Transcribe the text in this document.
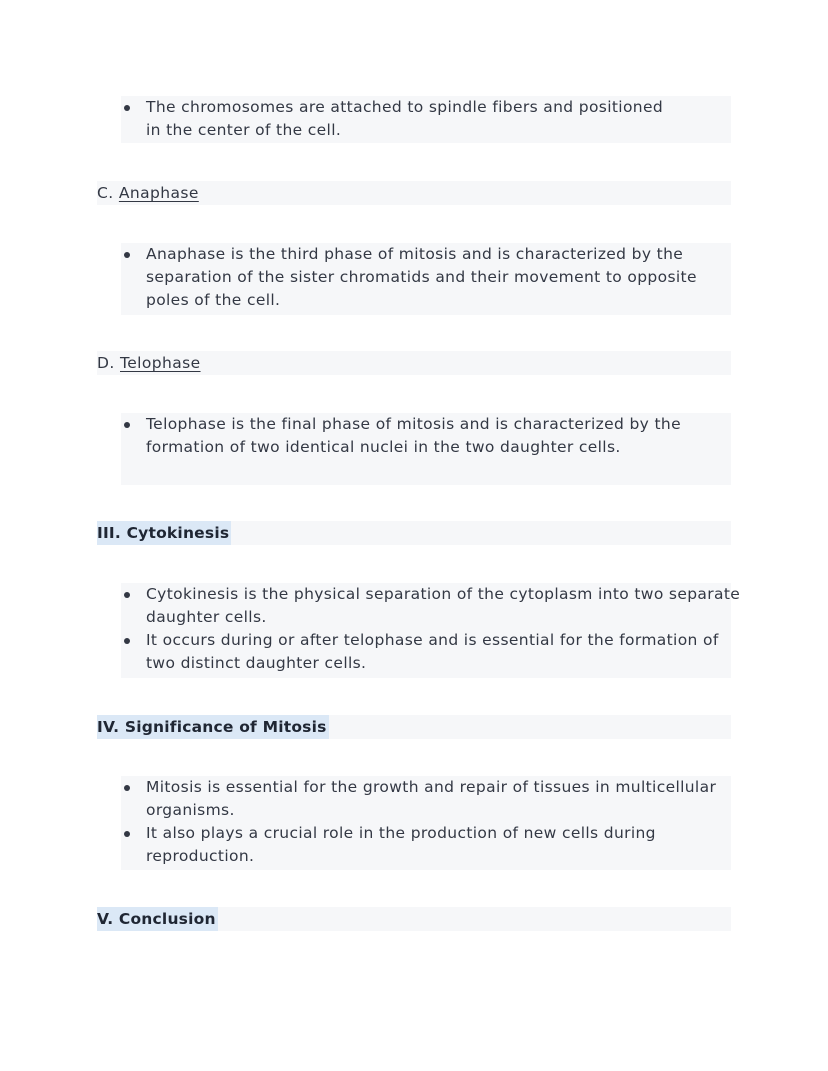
The chromosomes are attached to spindle fibers and positioned in the center of the cell.
C. Anaphase
Anaphase is the third phase of mitosis and is characterized by the separation of the sister chromatids and their movement to opposite poles of the cell.
D. Telophase
Telophase is the final phase of mitosis and is characterized by the formation of two identical nuclei in the two daughter cells.
III. Cytokinesis
Cytokinesis is the physical separation of the cytoplasm into two separate daughter cells.
It occurs during or after telophase and is essential for the formation of two distinct daughter cells.
IV. Significance of Mitosis
Mitosis is essential for the growth and repair of tissues in multicellular organisms.
It also plays a crucial role in the production of new cells during reproduction.
V. Conclusion
